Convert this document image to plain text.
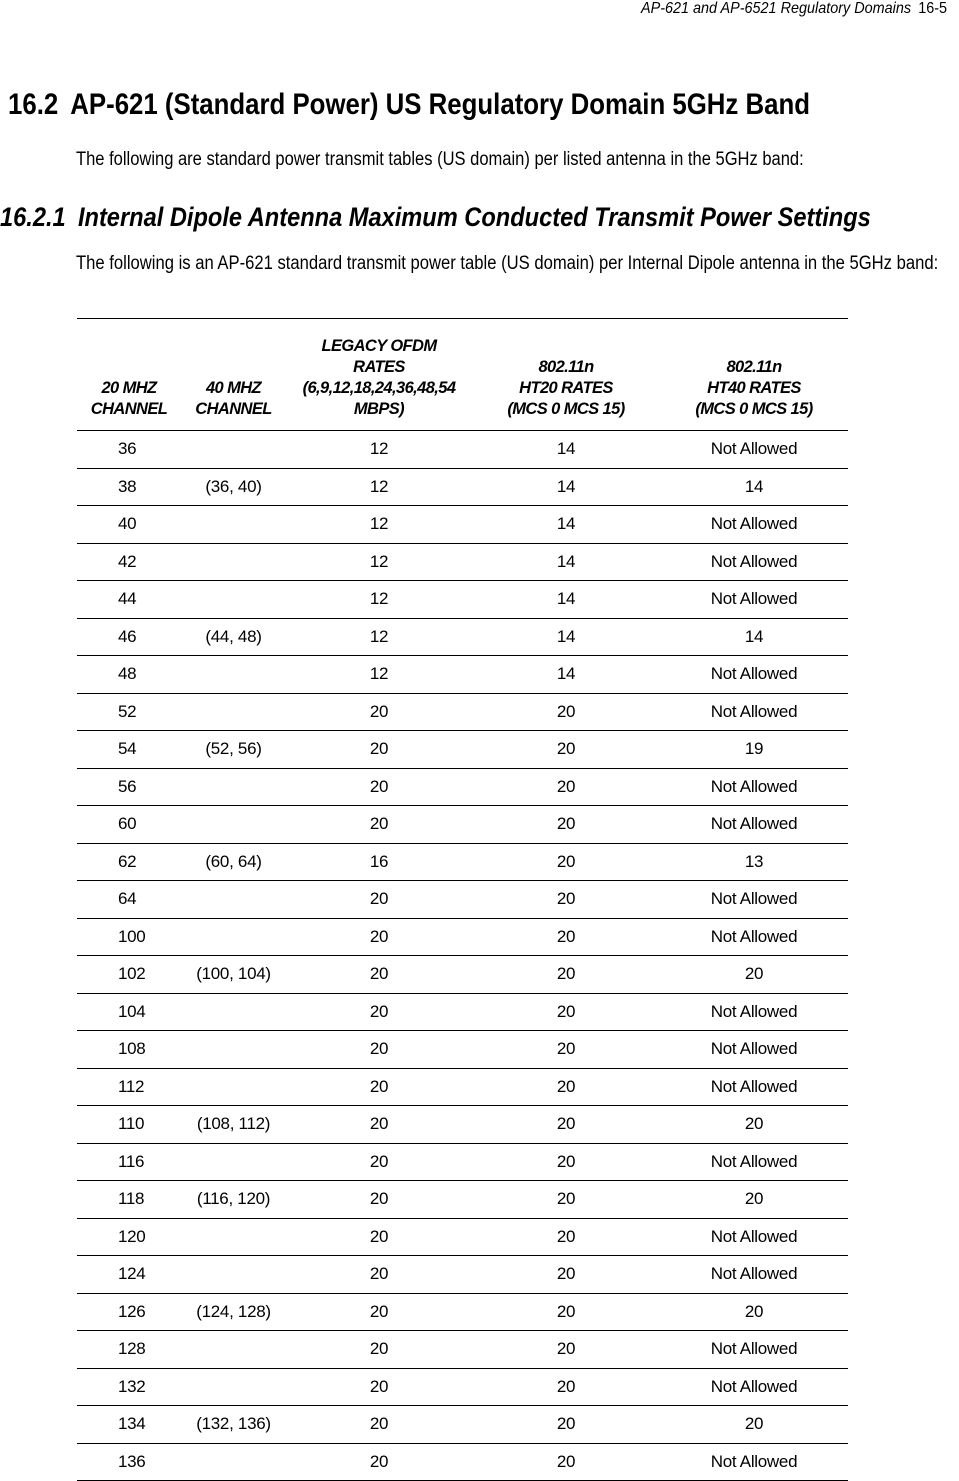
AP-621 and AP-6521 Regulatory Domains 16-5
16.2 AP-621 (Standard Power) US Regulatory Domain 5GHz Band

The following are standard power transmit tables (US domain) per listed antenna in the 5GHz band:

16.2.1 Internal Dipole Antenna Maximum Conducted Transmit Power Settings

The following is an AP-621 standard transmit power table (US domain) per Internal Dipole antenna in the 5GHz band:

20 MHZ
CHANNEL	40 MHZ
CHANNEL	LEGACY OFDM
RATES
(6,9,12,18,24,36,48,54
MBPS)	802.11n
HT20 RATES
(MCS 0 MCS 15)	802.11n
HT40 RATES
(MCS 0 MCS 15)

36		12	14	Not Allowed
38	(36, 40)	12	14	14
40		12	14	Not Allowed
42		12	14	Not Allowed
44		12	14	Not Allowed
46	(44, 48)	12	14	14
48		12	14	Not Allowed
52		20	20	Not Allowed
54	(52, 56)	20	20	19
56		20	20	Not Allowed
60		20	20	Not Allowed
62	(60, 64)	16	20	13
64		20	20	Not Allowed
100		20	20	Not Allowed
102	(100, 104)	20	20	20
104		20	20	Not Allowed
108		20	20	Not Allowed
112		20	20	Not Allowed
110	(108, 112)	20	20	20
116		20	20	Not Allowed
118	(116, 120)	20	20	20
120		20	20	Not Allowed
124		20	20	Not Allowed
126	(124, 128)	20	20	20
128		20	20	Not Allowed
132		20	20	Not Allowed
134	(132, 136)	20	20	20
136		20	20	Not Allowed
